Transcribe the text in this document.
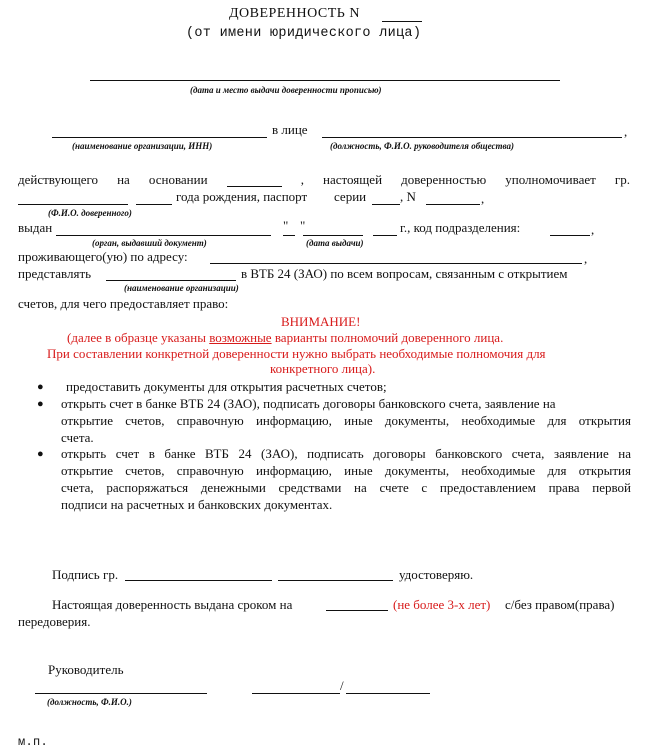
ДОВЕРЕННОСТЬ N
(от имени юридического лица)
(дата и место выдачи доверенности прописью)
в лице	,
(наименование организации, ИНН)	(должность, Ф.И.О. руководителя общества)
действующего на основании	, настоящей доверенностью уполномочивает гр.
года рождения, паспорт серии	, N	,
(Ф.И.О. доверенного)
выдан	" "	г., код подразделения:	,
(орган, выдавший документ)	(дата выдачи)
проживающего(ую) по адресу:	,
представлять	в ВТБ 24 (ЗАО) по всем вопросам, связанным с открытием
(наименование организации)
счетов, для чего предоставляет право:
ВНИМАНИЕ!
(далее в образце указаны возможные варианты полномочий доверенного лица.
При составлении конкретной доверенности нужно выбрать необходимые полномочия для
конкретного лица).
● предоставить документы для открытия расчетных счетов;
● открыть счет в банке ВТБ 24 (ЗАО), подписать договоры банковского счета, заявление на
открытие счетов, справочную информацию, иные документы, необходимые для открытия
счета.
● открыть счет в банке ВТБ 24 (ЗАО), подписать договоры банковского счета, заявление на
открытие счетов, справочную информацию, иные документы, необходимые для открытия
счета, распоряжаться денежными средствами на счете с предоставлением права первой
подписи на расчетных и банковских документах.
Подпись гр.	удостоверяю.
Настоящая доверенность выдана сроком на	(не более 3-х лет) с/без правом(права)
передоверия.
Руководитель
/
(должность, Ф.И.О.)
м.п.
